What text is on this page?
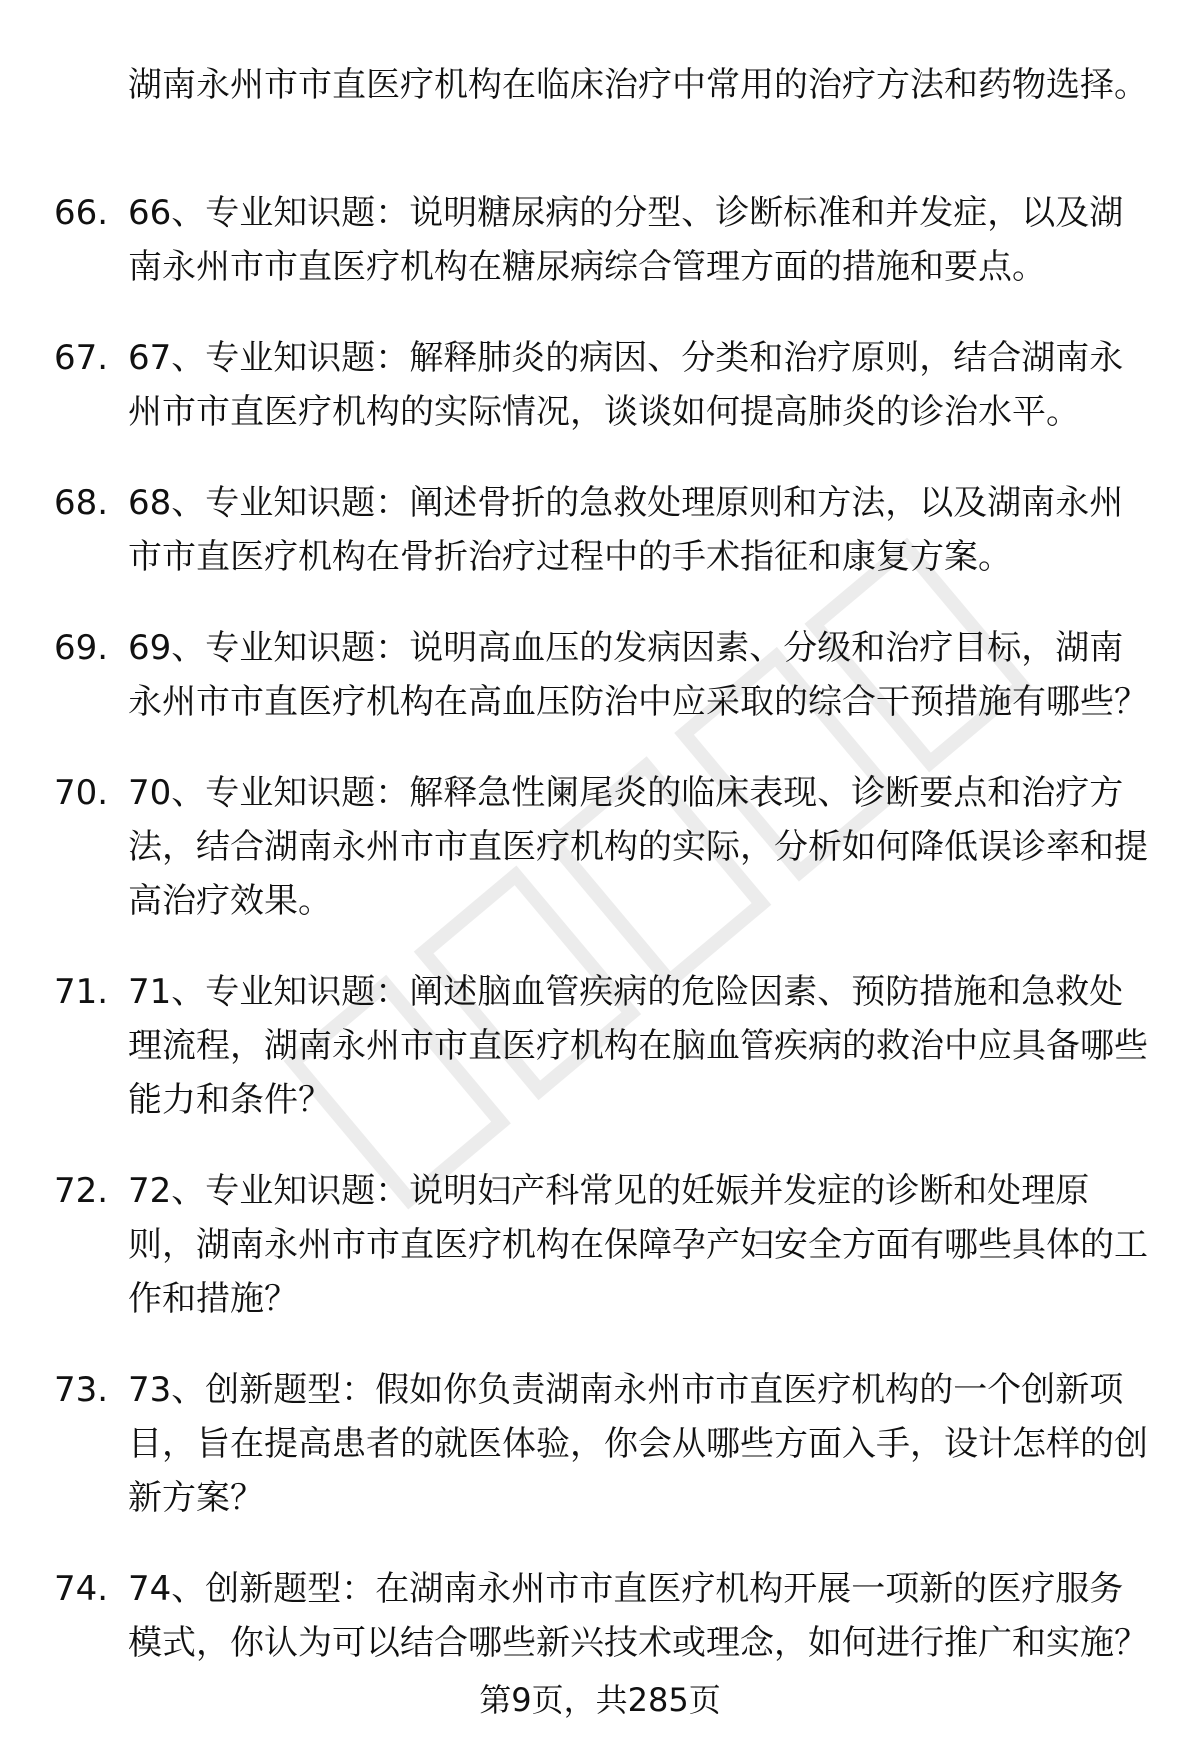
湖南永州市市直医疗机构在临床治疗中常用的治疗方法和药物选择。

66. 66、专业知识题：说明糖尿病的分型、诊断标准和并发症，以及湖南永州市市直医疗机构在糖尿病综合管理方面的措施和要点。
67. 67、专业知识题：解释肺炎的病因、分类和治疗原则，结合湖南永州市市直医疗机构的实际情况，谈谈如何提高肺炎的诊治水平。
68. 68、专业知识题：阐述骨折的急救处理原则和方法，以及湖南永州市市直医疗机构在骨折治疗过程中的手术指征和康复方案。
69. 69、专业知识题：说明高血压的发病因素、分级和治疗目标，湖南永州市市直医疗机构在高血压防治中应采取的综合干预措施有哪些？
70. 70、专业知识题：解释急性阑尾炎的临床表现、诊断要点和治疗方法，结合湖南永州市市直医疗机构的实际，分析如何降低误诊率和提高治疗效果。
71. 71、专业知识题：阐述脑血管疾病的危险因素、预防措施和急救处理流程，湖南永州市市直医疗机构在脑血管疾病的救治中应具备哪些能力和条件？
72. 72、专业知识题：说明妇产科常见的妊娠并发症的诊断和处理原则，湖南永州市市直医疗机构在保障孕产妇安全方面有哪些具体的工作和措施？
73. 73、创新题型：假如你负责湖南永州市市直医疗机构的一个创新项目，旨在提高患者的就医体验，你会从哪些方面入手，设计怎样的创新方案？
74. 74、创新题型：在湖南永州市市直医疗机构开展一项新的医疗服务模式，你认为可以结合哪些新兴技术或理念，如何进行推广和实施？
第9页，共285页
